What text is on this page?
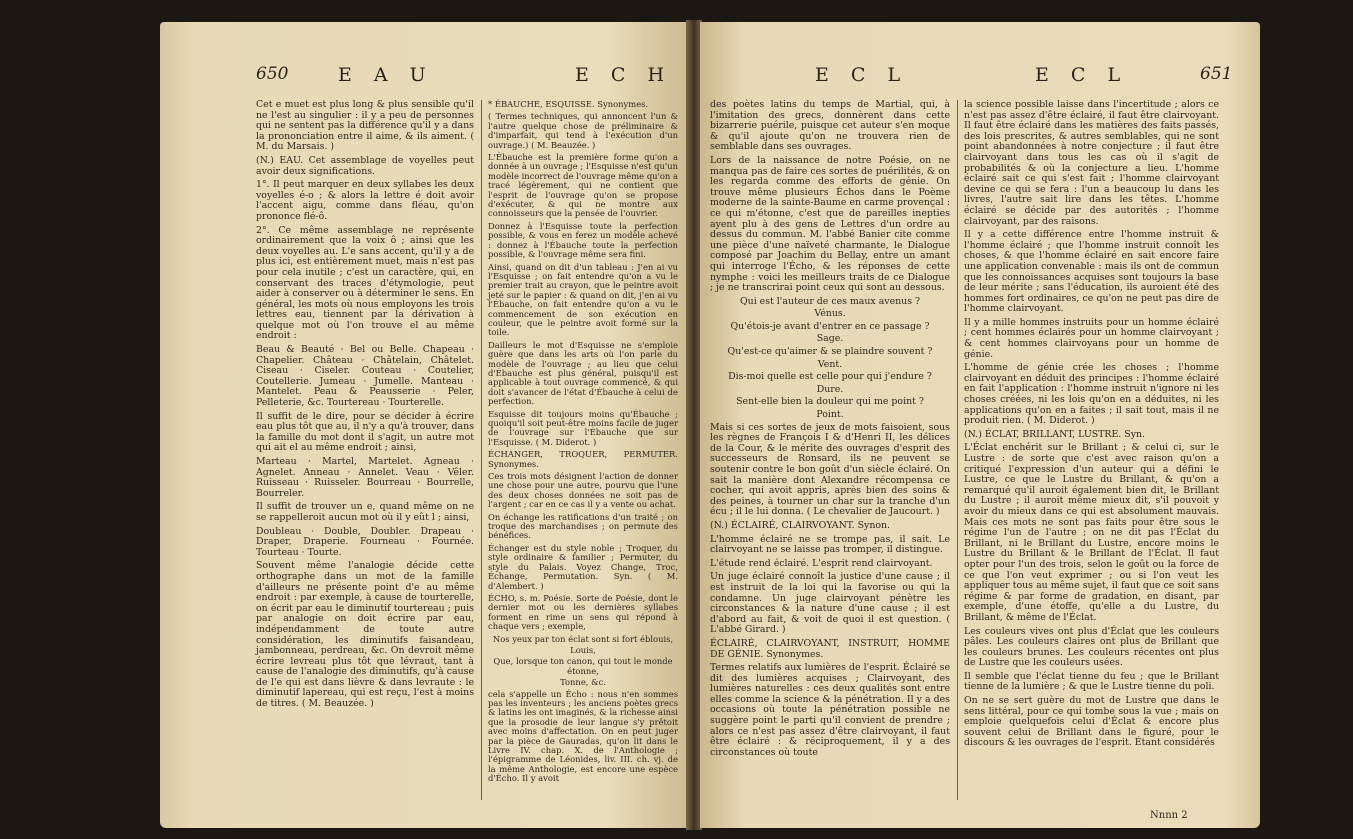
650	E A U	E C H

Cet e muet est plus long & plus sensible qu'il ne l'est au singulier : il y a peu de personnes qui ne sentent pas la différence qu'il y a dans la prononciation entre il aime, & ils aiment. ( M. du Marsais. )

(N.) EAU. Cet assemblage de voyelles peut avoir deux significations.

1°. Il peut marquer en deux syllabes les deux voyelles é-o ; & alors la lettre é doit avoir l'accent aigu, comme dans fléau, qu'on prononce flé-ô.

2°. Ce même assemblage ne représente ordinairement que la voix ô ; ainsi que les deux voyelles au. L'e sans accent, qu'il y a de plus ici, est entièrement muet, mais n'est pas pour cela inutile ; c'est un caractère, qui, en conservant des traces d'étymologie, peut aider à conserver ou à déterminer le sens. En général, les mots où nous employons les trois lettres eau, tiennent par la dérivation à quelque mot où l'on trouve el au même endroit :

Beau & Beauté · Bel ou Belle. Chapeau · Chapelier. Château · Châtelain, Châtelet. Ciseau · Ciseler. Couteau · Coutelier, Coutellerie. Jumeau · Jumelle. Manteau · Mantelet. Peau & Peausserie · Peler, Pelleterie, &c. Tourtereau · Tourterelle.

Il suffit de le dire, pour se décider à écrire eau plus tôt que au, il n'y a qu'à trouver, dans la famille du mot dont il s'agit, un autre mot qui ait el au même endroit ; ainsi,

Marteau · Martel, Martelet. Agneau · Agnelet. Anneau · Annelet. Veau · Vêler. Ruisseau · Ruisseler. Bourreau · Bourrelle, Bourreler.

Il suffit de trouver un e, quand même on ne se rappelleroit aucun mot où il y eût l ; ainsi,

Doubleau · Double, Doubler. Drapeau · Draper, Draperie. Fourneau · Fournée. Tourteau · Tourte.

Souvent même l'analogie décide cette orthographe dans un mot de la famille d'ailleurs ne présente point d'e au même endroit : par exemple, à cause de tourterelle, on écrit par eau le diminutif tourtereau ; puis par analogie on doit écrire par eau, indépendamment de toute autre considération, les diminutifs faisandeau, jambonneau, perdreau, &c. On devroit même écrire levreau plus tôt que lévraut, tant à cause de l'analogie des diminutifs, qu'à cause de l'e qui est dans lièvre & dans levraute : le diminutif lapereau, qui est reçu, l'est à moins de titres. ( M. Beauzée. )

* ÉBAUCHE, ESQUISSE. Synonymes.

( Termes techniques, qui annoncent l'un & l'autre quelque chose de préliminaire & d'imparfait, qui tend à l'exécution d'un ouvrage.) ( M. Beauzée. )

L'Ébauche est la première forme qu'on a donnée à un ouvrage ; l'Esquisse n'est qu'un modèle incorrect de l'ouvrage même qu'on a tracé légèrement, qui ne contient que l'esprit de l'ouvrage qu'on se propose d'exécuter, & qui ne montre aux connoisseurs que la pensée de l'ouvrier.

Donnez à l'Esquisse toute la perfection possible, & vous en ferez un modèle achevé : donnez à l'Ébauche toute la perfection possible, & l'ouvrage même sera fini.

Ainsi, quand on dit d'un tableau : J'en ai vu l'Esquisse ; on fait entendre qu'on a vu le premier trait au crayon, que le peintre avoit jeté sur le papier : & quand on dit, j'en ai vu l'Ébauche, on fait entendre qu'on a vu le commencement de son exécution en couleur, que le peintre avoit formé sur la toile.

Dailleurs le mot d'Esquisse ne s'emploie guère que dans les arts où l'on parle du modèle de l'ouvrage ; au lieu que celui d'Ébauche est plus général, puisqu'il est applicable à tout ouvrage commencé, & qui doit s'avancer de l'état d'Ébauche à celui de perfection.

Esquisse dit toujours moins qu'Ébauche ; quoiqu'il soit peut-être moins facile de juger de l'ouvrage sur l'Ébauche que sur l'Esquisse. ( M. Diderot. )

ÉCHANGER, TROQUER, PERMUTER. Synonymes.

Ces trois mots désignent l'action de donner une chose pour une autre, pourvu que l'une des deux choses données ne soit pas de l'argent ; car en ce cas il y a vente ou achat.

On échange les ratifications d'un traité ; on troque des marchandises ; on permute des bénéfices.

Échanger est du style noble ; Troquer, du style ordinaire & familier ; Permuter, du style du Palais. Voyez Change, Troc, Échange, Permutation. Syn. ( M. d'Alembert. )

ÉCHO, s. m. Poésie. Sorte de Poésie, dont le dernier mot ou les dernières syllabes forment en rime un sens qui répond à chaque vers ; exemple,

Nos yeux par ton éclat sont si fort éblouis,

Louis,

Que, lorsque ton canon, qui tout le monde étonne,

Tonne, &c.

cela s'appelle un Écho : nous n'en sommes pas les inventeurs ; les anciens poètes grecs & latins les ont imaginés, & la richesse ainsi que la prosodie de leur langue s'y prêtoit avec moins d'affectation. On en peut juger par la pièce de Gauradas, qu'on lit dans le Livre IV. chap. X. de l'Anthologie ; l'épigramme de Léonides, liv. III. ch. vj. de la même Anthologie, est encore une espèce d'Écho. Il y avoit

E C L	E C L	651

des poètes latins du temps de Martial, qui, à l'imitation des grecs, donnèrent dans cette bizarrerie puérile, puisque cet auteur s'en moque & qu'il ajoute qu'on ne trouvera rien de semblable dans ses ouvrages.

Lors de la naissance de notre Poésie, on ne manqua pas de faire ces sortes de puérilités, & on les regarda comme des efforts de génie. On trouve même plusieurs Échos dans le Poème moderne de la sainte-Baume en carme provençal : ce qui m'étonne, c'est que de pareilles inepties ayent plu à des gens de Lettres d'un ordre au dessus du commun. M. l'abbé Banier cite comme une pièce d'une naïveté charmante, le Dialogue composé par Joachim du Bellay, entre un amant qui interroge l'Écho, & les réponses de cette nymphe : voici les meilleurs traits de ce Dialogue ; je ne transcrirai point ceux qui sont au dessous.

Qui est l'auteur de ces maux avenus ?

Vénus.

Qu'étois-je avant d'entrer en ce passage ?

Sage.

Qu'est-ce qu'aimer & se plaindre souvent ?

Vent.

Dis-moi quelle est celle pour qui j'endure ?

Dure.

Sent-elle bien la douleur qui me point ?

Point.

Mais si ces sortes de jeux de mots faisoient, sous les règnes de François I & d'Henri II, les délices de la Cour, & le mérite des ouvrages d'esprit des successeurs de Ronsard, ils ne peuvent se soutenir contre le bon goût d'un siècle éclairé. On sait la manière dont Alexandre récompensa ce cocher, qui avoit appris, après bien des soins & des peines, à tourner un char sur la tranche d'un écu ; il le lui donna. ( Le chevalier de Jaucourt. )

(N.) ÉCLAIRÉ, CLAIRVOYANT. Synon.

L'homme éclairé ne se trompe pas, il sait. Le clairvoyant ne se laisse pas tromper, il distingue.

L'étude rend éclairé. L'esprit rend clairvoyant.

Un juge éclairé connoît la justice d'une cause ; il est instruit de la loi qui la favorise ou qui la condamne. Un juge clairvoyant pénètre les circonstances & la nature d'une cause ; il est d'abord au fait, & voit de quoi il est question. ( L'abbé Girard. )

ÉCLAIRÉ, CLAIRVOYANT, INSTRUIT, HOMME DE GÉNIE. Synonymes.

Termes relatifs aux lumières de l'esprit. Éclairé se dit des lumières acquises ; Clairvoyant, des lumières naturelles : ces deux qualités sont entre elles comme la science & la pénétration. Il y a des occasions où toute la pénétration possible ne suggère point le parti qu'il convient de prendre ; alors ce n'est pas assez d'être clairvoyant, il faut être éclairé : & réciproquement, il y a des circonstances où toute

la science possible laisse dans l'incertitude ; alors ce n'est pas assez d'être éclairé, il faut être clairvoyant. Il faut être éclairé dans les matières des faits passés, des lois prescrites, & autres semblables, qui ne sont point abandonnées à notre conjecture ; il faut être clairvoyant dans tous les cas où il s'agit de probabilités & où la conjecture a lieu. L'homme éclairé sait ce qui s'est fait ; l'homme clairvoyant devine ce qui se fera : l'un a beaucoup lu dans les livres, l'autre sait lire dans les têtes. L'homme éclairé se décide par des autorités ; l'homme clairvoyant, par des raisons.

Il y a cette différence entre l'homme instruit & l'homme éclairé ; que l'homme instruit connoît les choses, & que l'homme éclairé en sait encore faire une application convenable : mais ils ont de commun que les connoissances acquises sont toujours la base de leur mérite ; sans l'éducation, ils auroient été des hommes fort ordinaires, ce qu'on ne peut pas dire de l'homme clairvoyant.

Il y a mille hommes instruits pour un homme éclairé ; cent hommes éclairés pour un homme clairvoyant ; & cent hommes clairvoyans pour un homme de génie.

L'homme de génie crée les choses ; l'homme clairvoyant en déduit des principes : l'homme éclairé en fait l'application : l'homme instruit n'ignore ni les choses créées, ni les lois qu'on en a déduites, ni les applications qu'on en a faites ; il sait tout, mais il ne produit rien. ( M. Diderot. )

(N.) ÉCLAT, BRILLANT, LUSTRE. Syn.

L'Éclat enchérit sur le Brillant ; & celui ci, sur le Lustre : de sorte que c'est avec raison qu'on a critiqué l'expression d'un auteur qui a défini le Lustre, ce que le Lustre du Brillant, & qu'on a remarqué qu'il auroit également bien dit, le Brillant du Lustre ; il auroit même mieux dit, s'il pouvoit y avoir du mieux dans ce qui est absolument mauvais. Mais ces mots ne sont pas faits pour être sous le régime l'un de l'autre ; on ne dit pas l'Éclat du Brillant, ni le Brillant du Lustre, encore moins le Lustre du Brillant & le Brillant de l'Éclat. Il faut opter pour l'un des trois, selon le goût ou la force de ce que l'on veut exprimer ; ou si l'on veut les appliquer tous au même sujet, il faut que ce soit sans régime & par forme de gradation, en disant, par exemple, d'une étoffe, qu'elle a du Lustre, du Brillant, & même de l'Éclat.

Les couleurs vives ont plus d'Éclat que les couleurs pâles. Les couleurs claires ont plus de Brillant que les couleurs brunes. Les couleurs récentes ont plus de Lustre que les couleurs usées.

Il semble que l'éclat tienne du feu ; que le Brillant tienne de la lumière ; & que le Lustre tienne du poli.

On ne se sert guère du mot de Lustre que dans le sens littéral, pour ce qui tombe sous la vue ; mais on emploie quelquefois celui d'Éclat & encore plus souvent celui de Brillant dans le figuré, pour le discours & les ouvrages de l'esprit. Étant considérés

Nnnn 2
